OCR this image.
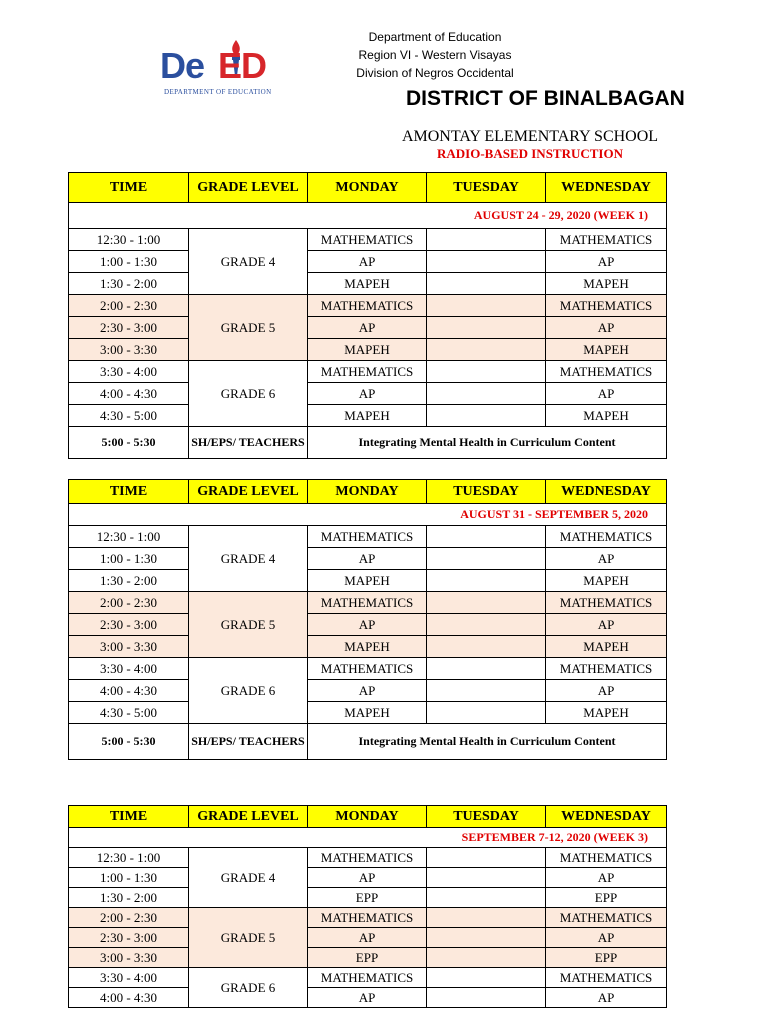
De ED
DEPARTMENT OF EDUCATION
Department of Education
Region VI - Western Visayas
Division of Negros Occidental
DISTRICT OF BINALBAGAN
AMONTAY ELEMENTARY SCHOOL
RADIO-BASED INSTRUCTION
TIME	GRADE LEVEL	MONDAY	TUESDAY	WEDNESDAY
AUGUST 24 - 29, 2020 (WEEK 1)				
12:30 - 1:00	GRADE 4	MATHEMATICS		MATHEMATICS
1:00 - 1:30		AP		AP
1:30 - 2:00		MAPEH		MAPEH
2:00 - 2:30	GRADE 5	MATHEMATICS		MATHEMATICS
2:30 - 3:00		AP		AP
3:00 - 3:30		MAPEH		MAPEH
3:30 - 4:00	GRADE 6	MATHEMATICS		MATHEMATICS
4:00 - 4:30		AP		AP
4:30 - 5:00		MAPEH		MAPEH
5:00 - 5:30	SH/EPS/ TEACHERS	Integrating Mental Health in Curriculum Content		
TIME	GRADE LEVEL	MONDAY	TUESDAY	WEDNESDAY
AUGUST 31 - SEPTEMBER 5, 2020				
12:30 - 1:00	GRADE 4	MATHEMATICS		MATHEMATICS
1:00 - 1:30		AP		AP
1:30 - 2:00		MAPEH		MAPEH
2:00 - 2:30	GRADE 5	MATHEMATICS		MATHEMATICS
2:30 - 3:00		AP		AP
3:00 - 3:30		MAPEH		MAPEH
3:30 - 4:00	GRADE 6	MATHEMATICS		MATHEMATICS
4:00 - 4:30		AP		AP
4:30 - 5:00		MAPEH		MAPEH
5:00 - 5:30	SH/EPS/ TEACHERS	Integrating Mental Health in Curriculum Content		
TIME	GRADE LEVEL	MONDAY	TUESDAY	WEDNESDAY
SEPTEMBER 7-12, 2020 (WEEK 3)				
12:30 - 1:00	GRADE 4	MATHEMATICS		MATHEMATICS
1:00 - 1:30		AP		AP
1:30 - 2:00		EPP		EPP
2:00 - 2:30	GRADE 5	MATHEMATICS		MATHEMATICS
2:30 - 3:00		AP		AP
3:00 - 3:30		EPP		EPP
3:30 - 4:00	GRADE 6	MATHEMATICS		MATHEMATICS
4:00 - 4:30		AP		AP
